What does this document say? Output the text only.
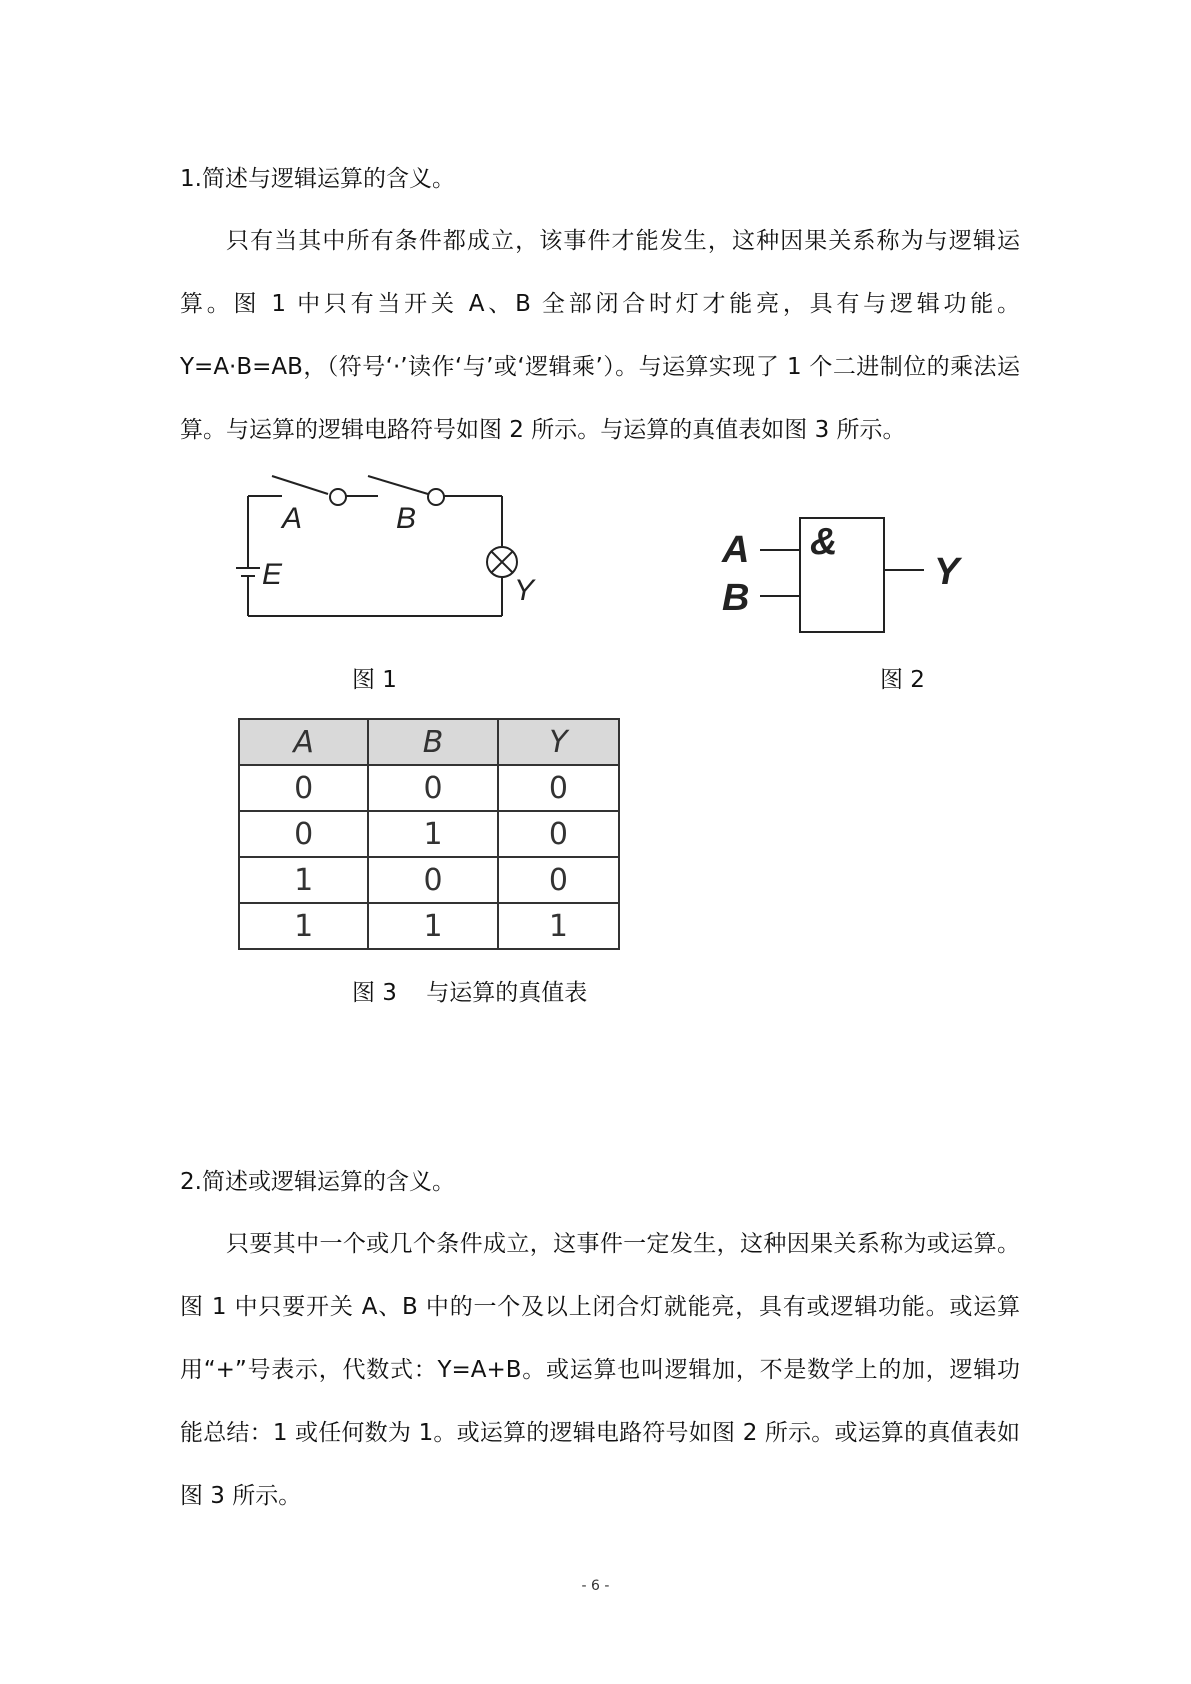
1.简述与逻辑运算的含义。
只有当其中所有条件都成立，该事件才能发生，这种因果关系称为与逻辑运算。图 1 中只有当开关 A、B 全部闭合时灯才能亮，具有与逻辑功能。Y=A·B=AB，（符号‘·’读作‘与’或‘逻辑乘’）。与运算实现了 1 个二进制位的乘法运算。与运算的逻辑电路符号如图 2 所示。与运算的真值表如图 3 所示。
A	B
E	Y
A
B
&
Y
图 1	图 2
A	B	Y
0	0	0
0	1	0
1	0	0
1	1	1
图 3    与运算的真值表
2.简述或逻辑运算的含义。
只要其中一个或几个条件成立，这事件一定发生，这种因果关系称为或运算。图 1 中只要开关 A、B 中的一个及以上闭合灯就能亮，具有或逻辑功能。或运算用“+”号表示，代数式：Y=A+B。或运算也叫逻辑加，不是数学上的加，逻辑功能总结：1 或任何数为 1。或运算的逻辑电路符号如图 2 所示。或运算的真值表如图 3 所示。
- 6 -
